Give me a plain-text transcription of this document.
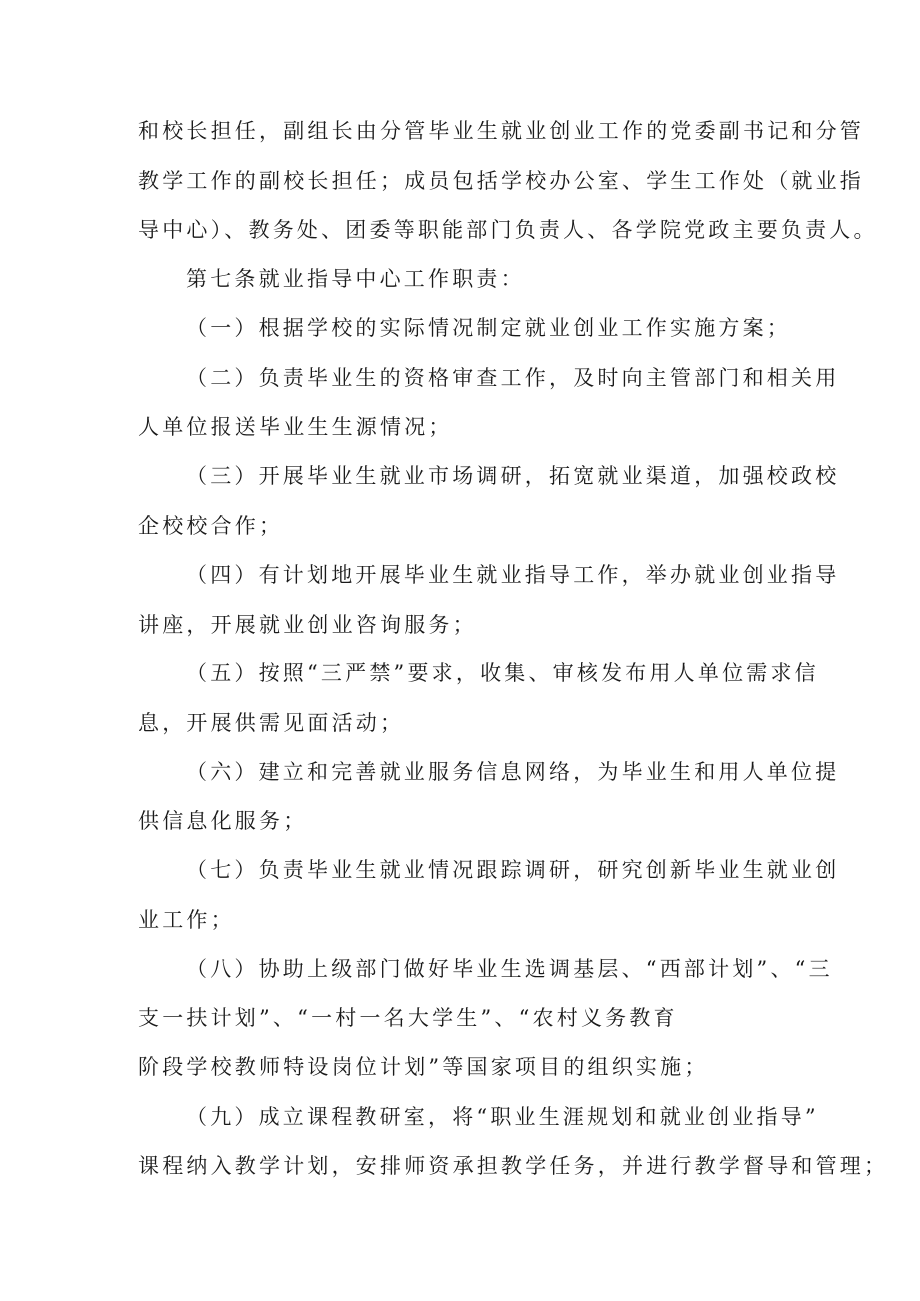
和校长担任，副组长由分管毕业生就业创业工作的党委副书记和分管
教学工作的副校长担任；成员包括学校办公室、学生工作处（就业指
导中心）、教务处、团委等职能部门负责人、各学院党政主要负责人。
第七条就业指导中心工作职责：
（一）根据学校的实际情况制定就业创业工作实施方案；
（二）负责毕业生的资格审查工作，及时向主管部门和相关用
人单位报送毕业生生源情况；
（三）开展毕业生就业市场调研，拓宽就业渠道，加强校政校
企校校合作；
（四）有计划地开展毕业生就业指导工作，举办就业创业指导
讲座，开展就业创业咨询服务；
（五）按照“三严禁”要求，收集、审核发布用人单位需求信
息，开展供需见面活动；
（六）建立和完善就业服务信息网络，为毕业生和用人单位提
供信息化服务；
（七）负责毕业生就业情况跟踪调研，研究创新毕业生就业创
业工作；
（八）协助上级部门做好毕业生选调基层、“西部计划”、“三
支一扶计划”、“一村一名大学生”、“农村义务教育
阶段学校教师特设岗位计划”等国家项目的组织实施；
（九）成立课程教研室，将“职业生涯规划和就业创业指导”
课程纳入教学计划，安排师资承担教学任务，并进行教学督导和管理；
